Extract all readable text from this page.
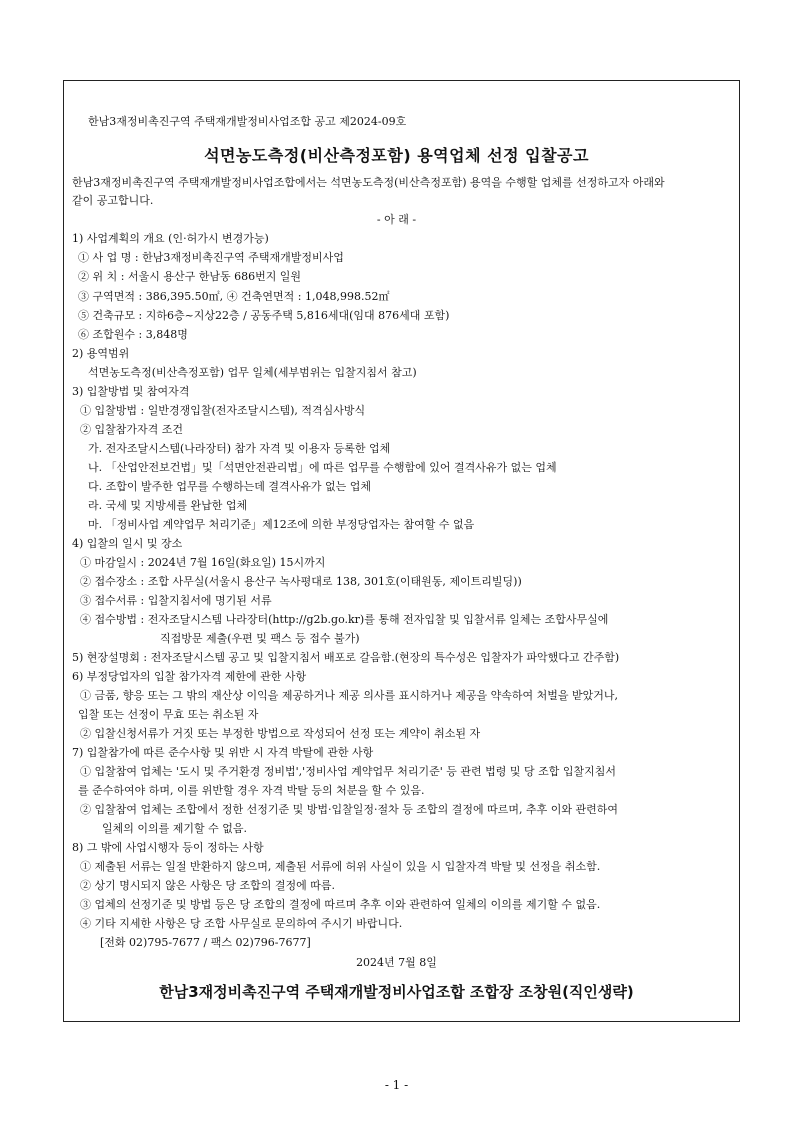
한남3재정비촉진구역 주택재개발정비사업조합 공고 제2024-09호
석면농도측정(비산측정포함) 용역업체 선정 입찰공고
한남3재정비촉진구역 주택재개발정비사업조합에서는 석면농도측정(비산측정포함) 용역을 수행할 업체를 선정하고자 아래와
같이 공고합니다.
- 아 래 -
1) 사업계획의 개요 (인·허가시 변경가능)
① 사 업 명 : 한남3재정비촉진구역 주택재개발정비사업
② 위 치 : 서울시 용산구 한남동 686번지 일원
③ 구역면적 : 386,395.50㎡, ④ 건축연면적 : 1,048,998.52㎡
⑤ 건축규모 : 지하6층~지상22층 / 공동주택 5,816세대(임대 876세대 포함)
⑥ 조합원수 : 3,848명
2) 용역범위
석면농도측정(비산측정포함) 업무 일체(세부범위는 입찰지침서 참고)
3) 입찰방법 및 참여자격
① 입찰방법 : 일반경쟁입찰(전자조달시스템), 적격심사방식
② 입찰참가자격 조건
가. 전자조달시스템(나라장터) 참가 자격 및 이용자 등록한 업체
나. 「산업안전보건법」및「석면안전관리법」에 따른 업무를 수행함에 있어 결격사유가 없는 업체
다. 조합이 발주한 업무를 수행하는데 결격사유가 없는 업체
라. 국세 및 지방세를 완납한 업체
마. 「정비사업 계약업무 처리기준」제12조에 의한 부정당업자는 참여할 수 없음
4) 입찰의 일시 및 장소
① 마감일시 : 2024년 7월 16일(화요일) 15시까지
② 접수장소 : 조합 사무실(서울시 용산구 녹사평대로 138, 301호(이태원동, 제이트리빌딩))
③ 접수서류 : 입찰지침서에 명기된 서류
④ 접수방법 : 전자조달시스템 나라장터(http://g2b.go.kr)를 통해 전자입찰 및 입찰서류 일체는 조합사무실에
직접방문 제출(우편 및 팩스 등 접수 불가)
5) 현장설명회 : 전자조달시스템 공고 및 입찰지침서 배포로 갈음함.(현장의 특수성은 입찰자가 파악했다고 간주함)
6) 부정당업자의 입찰 참가자격 제한에 관한 사항
① 금품, 향응 또는 그 밖의 재산상 이익을 제공하거나 제공 의사를 표시하거나 제공을 약속하여 처벌을 받았거나,
입찰 또는 선정이 무효 또는 취소된 자
② 입찰신청서류가 거짓 또는 부정한 방법으로 작성되어 선정 또는 계약이 취소된 자
7) 입찰참가에 따른 준수사항 및 위반 시 자격 박탈에 관한 사항
① 입찰참여 업체는 '도시 및 주거환경 정비법','정비사업 계약업무 처리기준' 등 관련 법령 및 당 조합 입찰지침서
를 준수하여야 하며, 이를 위반할 경우 자격 박탈 등의 처분을 할 수 있음.
② 입찰참여 업체는 조합에서 정한 선정기준 및 방법·입찰일정·절차 등 조합의 결정에 따르며, 추후 이와 관련하여
일체의 이의를 제기할 수 없음.
8) 그 밖에 사업시행자 등이 정하는 사항
① 제출된 서류는 일절 반환하지 않으며, 제출된 서류에 허위 사실이 있을 시 입찰자격 박탈 및 선정을 취소함.
② 상기 명시되지 않은 사항은 당 조합의 결정에 따름.
③ 업체의 선정기준 및 방법 등은 당 조합의 결정에 따르며 추후 이와 관련하여 일체의 이의를 제기할 수 없음.
④ 기타 지세한 사항은 당 조합 사무실로 문의하여 주시기 바랍니다.
[전화 02)795-7677 / 팩스 02)796-7677]
2024년 7월 8일
한남3재정비촉진구역 주택재개발정비사업조합 조합장 조창원(직인생략)
- 1 -
